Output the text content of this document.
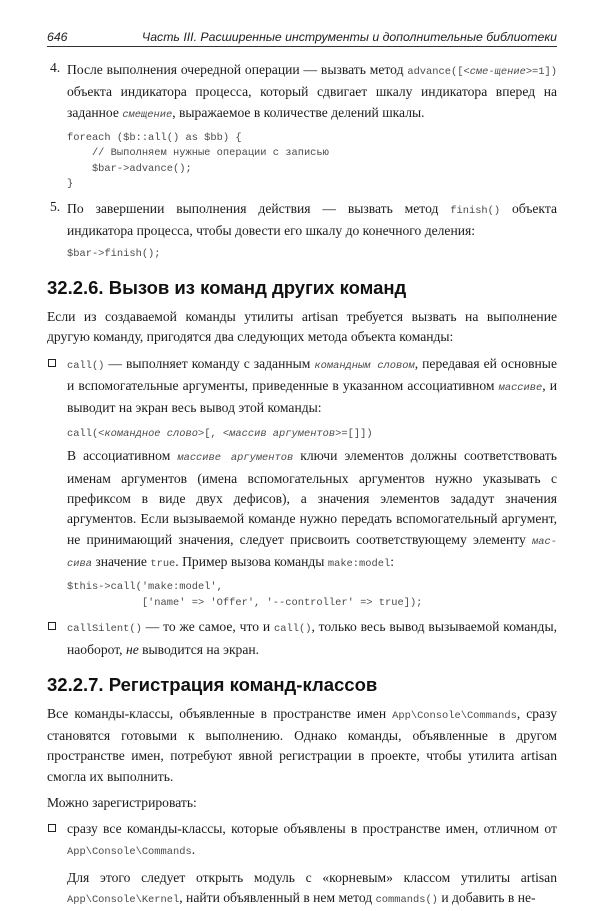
646	Часть III. Расширенные инструменты и дополнительные библиотеки
4. После выполнения очередной операции — вызвать метод advance([<сме-щение>=1]) объекта индикатора процесса, который сдвигает шкалу индикатора вперед на заданное смещение, выражаемое в количестве делений шкалы.

foreach ($b::all() as $bb) {
// Выполняем нужные операции с записью
$bar->advance();
}
5. По завершении выполнения действия — вызвать метод finish() объекта индикатора процесса, чтобы довести его шкалу до конечного деления:

$bar->finish();
32.2.6. Вызов из команд других команд

Если из создаваемой команды утилиты artisan требуется вызвать на выполнение другую команду, пригодятся два следующих метода объекта команды:

call() — выполняет команду с заданным командным словом, передавая ей основные и вспомогательные аргументы, приведенные в указанном ассоциативном массиве, и выводит на экран весь вывод этой команды:

call(<командное слово>[, <массив аргументов>=[]])

В ассоциативном массиве аргументов ключи элементов должны соответствовать именам аргументов (имена вспомогательных аргументов нужно указывать с префиксом в виде двух дефисов), а значения элементов зададут значения аргументов. Если вызываемой команде нужно передать вспомогательный аргумент, не принимающий значения, следует присвоить соответствующему элементу мас-сива значение true. Пример вызова команды make:model:

$this->call('make:model',
['name' => 'Offer', '--controller' => true]);

callSilent() — то же самое, что и call(), только весь вывод вызываемой команды, наоборот, не выводится на экран.

32.2.7. Регистрация команд-классов

Все команды-классы, объявленные в пространстве имен App\Console\Commands, сразу становятся готовыми к выполнению. Однако команды, объявленные в другом пространстве имен, потребуют явной регистрации в проекте, чтобы утилита artisan смогла их выполнить.

Можно зарегистрировать:

сразу все команды-классы, которые объявлены в пространстве имен, отличном от App\Console\Commands.

Для этого следует открыть модуль с «корневым» классом утилиты artisan App\Console\Kernel, найти объявленный в нем метод commands() и добавить в не-
